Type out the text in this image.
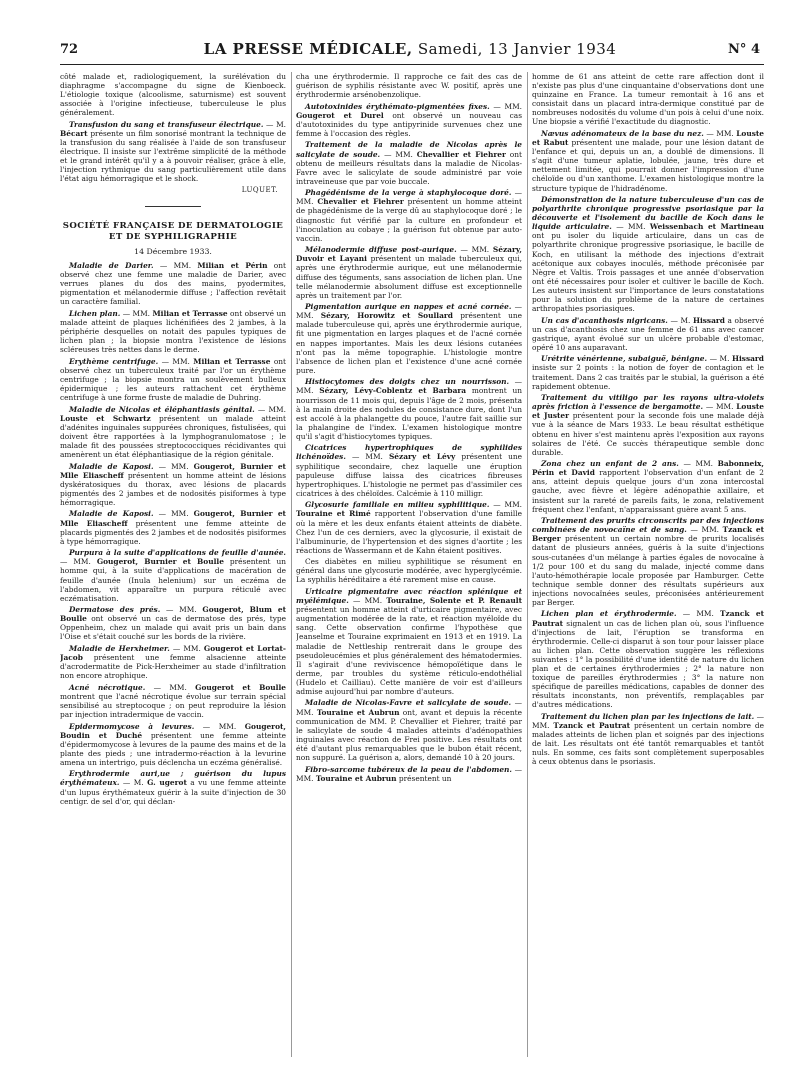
72	LA PRESSE MÉDICALE, Samedi, 13 Janvier 1934	N° 4

côté malade et, radiologiquement, la surélévation du diaphragme s'accompagne du signe de Kienboeck. L'étiologie toxique (alcoolisme, saturnisme) est souvent associée à l'origine infectieuse, tuberculeuse le plus généralement.

Transfusion du sang et transfuseur électrique. — M. Bécart présente un film sonorisé montrant la technique de la transfusion du sang réalisée à l'aide de son transfuseur électrique. Il insiste sur l'extrême simplicité de la méthode et le grand intérêt qu'il y a à pouvoir réaliser, grâce à elle, l'injection rythmique du sang particulièrement utile dans l'état aigu hémorragique et le shock.

LUQUET.

SOCIÉTÉ FRANÇAISE DE DERMATOLOGIE
ET DE SYPHILIGRAPHIE
14 Décembre 1933.

Maladie de Darier. — MM. Milian et Périn ont observé chez une femme une maladie de Darier, avec verrues planes du dos des mains, pyodermites, pigmentation et mélanodermie diffuse ; l'affection revêtait un caractère familial.

Lichen plan. — MM. Milian et Terrasse ont observé un malade atteint de plaques lichénifiées des 2 jambes, à la périphérie desquelles on notait des papules typiques de lichen plan ; la biopsie montra l'existence de lésions scléreuses très nettes dans le derme.

Erythème centrifuge. — MM. Milian et Terrasse ont observé chez un tuberculeux traité par l'or un érythème centrifuge ; la biopsie montra un soulèvement bulleux épidermique ; les auteurs rattachent cet érythème centrifuge à une forme fruste de maladie de Duhring.

Maladie de Nicolas et éléphantiasis génital. — MM. Louste et Schwartz présentent un malade atteint d'adénites inguinales suppurées chroniques, fistulisées, qui doivent être rapportées à la lymphogranulomatose ; le malade fit des poussées streptococciques récidivantes qui amenèrent un état éléphantiasique de la région génitale.

Maladie de Kaposi. — MM. Gougerot, Burnier et Mlle Eliascheff présentent un homme atteint de lésions dyskératosiques du thorax, avec lésions de placards pigmentés des 2 jambes et de nodosités pisiformes à type hémorragique.

Maladie de Kaposi. — MM. Gougerot, Burnier et Mlle Eliascheff présentent une femme atteinte de placards pigmentés des 2 jambes et de nodosités pisiformes à type hémorragique.

Purpura à la suite d'applications de feuille d'aunée. — MM. Gougerot, Burnier et Boulle présentent un homme qui, à la suite d'applications de macération de feuille d'aunée (Inula helenium) sur un eczéma de l'abdomen, vit apparaître un purpura réticulé avec eczématisation.

Dermatose des prés. — MM. Gougerot, Blum et Boulle ont observé un cas de dermatose des prés, type Oppenheim, chez un malade qui avait pris un bain dans l'Oise et s'était couché sur les bords de la rivière.

Maladie de Herxheimer. — MM. Gougerot et Lortat-Jacob présentent une femme alsacienne atteinte d'acrodermatite de Pick-Herxheimer au stade d'infiltration non encore atrophique.

Acné nécrotique. — MM. Gougerot et Boulle montrent que l'acné nécrotique évolue sur terrain spécial sensibilisé au streptocoque ; on peut reproduire la lésion par injection intradermique de vaccin.

Epidermomycose à levures. — MM. Gougerot, Boudin et Duché présentent une femme atteinte d'épidermomycose à levures de la paume des mains et de la plante des pieds ; une intradermo-réaction à la levurine amena un intertrigo, puis déclencha un eczéma généralisé.

Erythrodermie auri,ue ; guérison du lupus érythémateux. — M. G. ugerot a vu une femme atteinte d'un lupus érythémateux guérir à la suite d'injection de 30 centigr. de sel d'or, qui déclan-

cha une érythrodermie. Il rapproche ce fait des cas de guérison de syphilis résistante avec W. positif, après une érythrodermie arsénobenzolique.

Autotoxinides érythémato-pigmentées fixes. — MM. Gougerot et Durel ont observé un nouveau cas d'autotoxinides du type antipyrinide survenues chez une femme à l'occasion des règles.

Traitement de la maladie de Nicolas après le salicylate de soude. — MM. Chevallier et Fiehrer ont obtenu de meilleurs résultats dans la maladie de Nicolas-Favre avec le salicylate de soude administré par voie intraveineuse que par voie buccale.

Phagédénisme de la verge à staphylocoque doré. — MM. Chevalier et Fiehrer présentent un homme atteint de phagédénisme de la verge dû au staphylocoque doré ; le diagnostic fut vérifié par la culture en profondeur et l'inoculation au cobaye ; la guérison fut obtenue par auto-vaccin.

Mélanodermie diffuse post-aurique. — MM. Sézary, Duvoir et Layani présentent un malade tuberculeux qui, après une érythrodermie aurique, eut une mélanodermie diffuse des téguments, sans association de lichen plan. Une telle mélanodermie absolument diffuse est exceptionnelle après un traitement par l'or.

Pigmentation aurique en nappes et acné cornée. — MM. Sézary, Horowitz et Soullard présentent une malade tuberculeuse qui, après une érythrodermie aurique, fit une pigmentation en larges plaques et de l'acné cornée en nappes importantes. Mais les deux lésions cutanées n'ont pas la même topographie. L'histologie montre l'absence de lichen plan et l'existence d'une acné cornée pure.

Histiocytomes des doigts chez un nourrisson. — MM. Sézary, Lévy-Coblentz et Barbara montrent un nourrisson de 11 mois qui, depuis l'âge de 2 mois, présenta à la main droite des nodules de consistance dure, dont l'un est accolé à la phalangette du pouce, l'autre fait saillie sur la phalangine de l'index. L'examen histologique montre qu'il s'agit d'histiocytomes typiques.

Cicatrices hypertrophiques de syphilides lichénoïdes. — MM. Sézary et Lévy présentent une syphilitique secondaire, chez laquelle une éruption papuleuse diffuse laissa des cicatrices fibreuses hypertrophiques. L'histologie ne permet pas d'assimiler ces cicatrices à des chéloïdes. Calcémie à 110 milligr.

Glycosurie familiale en milieu syphilitique. — MM. Touraine et Rimé rapportent l'observation d'une famille où la mère et les deux enfants étaient atteints de diabète. Chez l'un de ces derniers, avec la glycosurie, il existait de l'albuminurie, de l'hypertension et des signes d'aortite ; les réactions de Wassermann et de Kahn étaient positives.

Ces diabètes en milieu syphilitique se résument en général dans une glycosurie modérée, avec hyperglycémie. La syphilis héréditaire a été rarement mise en cause.

Urticaire pigmentaire avec réaction splénique et myélémique. — MM. Touraine, Solente et P. Renault présentent un homme atteint d'urticaire pigmentaire, avec augmentation modérée de la rate, et réaction myéloïde du sang. Cette observation confirme l'hypothèse que Jeanselme et Touraine exprimaient en 1913 et en 1919. La maladie de Nettleship rentrerait dans le groupe des pseudoleucémies et plus généralement des hématodermies. Il s'agirait d'une reviviscence hémopoïétique dans le derme, par troubles du système réticulo-endothélial (Hudelo et Cailliau). Cette manière de voir est d'ailleurs admise aujourd'hui par nombre d'auteurs.

Maladie de Nicolas-Favre et salicylate de soude. — MM. Touraine et Aubrun ont, avant et depuis la récente communication de MM. P. Chevallier et Fiehrer, traité par le salicylate de soude 4 malades atteints d'adénopathies inguinales avec réaction de Frei positive. Les résultats ont été d'autant plus remarquables que le bubon était récent, non suppuré. La guérison a, alors, demandé 10 à 20 jours.

Fibro-sarcome tubéreux de la peau de l'abdomen. — MM. Touraine et Aubrun présentent un

homme de 61 ans atteint de cette rare affection dont il n'existe pas plus d'une cinquantaine d'observations dont une quinzaine en France. La tumeur remontait à 16 ans et consistait dans un placard intra-dermique constitué par de nombreuses nodosités du volume d'un pois à celui d'une noix. Une biopsie a vérifié l'exactitude du diagnostic.

Nævus adénomateux de la base du nez. — MM. Louste et Rabut présentent une malade, pour une lésion datant de l'enfance et qui, depuis un an, a doublé de dimensions. Il s'agit d'une tumeur aplatie, lobulée, jaune, très dure et nettement limitée, qui pourrait donner l'impression d'une chéloïde ou d'un xanthome. L'examen histologique montre la structure typique de l'hidradénome.

Démonstration de la nature tuberculeuse d'un cas de polyarthrite chronique progressive psoriasique par la découverte et l'isolement du bacille de Koch dans le liquide articulaire. — MM. Weissenbach et Martineau ont pu isoler du liquide articulaire, dans un cas de polyarthrite chronique progressive psoriasique, le bacille de Koch, en utilisant la méthode des injections d'extrait acétonique aux cobayes inoculés, méthode préconisée par Nègre et Valtis. Trois passages et une année d'observation ont été nécessaires pour isoler et cultiver le bacille de Koch. Les auteurs insistent sur l'importance de leurs constatations pour la solution du problème de la nature de certaines arthropathies psoriasiques.

Un cas d'acanthosis nigricans. — M. Hissard a observé un cas d'acanthosis chez une femme de 61 ans avec cancer gastrique, ayant évolué sur un ulcère probable d'estomac, opéré 10 ans auparavant.

Urétrite vénérienne, subaiguë, bénigne. — M. Hissard insiste sur 2 points : la notion de foyer de contagion et le traitement. Dans 2 cas traités par le stubial, la guérison a été rapidement obtenue.

Traitement du vitiligo par les rayons ultra-violets après friction à l'essence de bergamotte. — MM. Louste et Juster présentent pour la seconde fois une malade déjà vue à la séance de Mars 1933. Le beau résultat esthétique obtenu en hiver s'est maintenu après l'exposition aux rayons solaires de l'été. Ce succès thérapeutique semble donc durable.

Zona chez un enfant de 2 ans. — MM. Babonneix, Périn et David rapportent l'observation d'un enfant de 2 ans, atteint depuis quelque jours d'un zona intercostal gauche, avec fièvre et légère adénopathie axillaire, et insistent sur la rareté de pareils faits, le zona, relativement fréquent chez l'enfant, n'apparaissant guère avant 5 ans.

Traitement des prurits circonscrits par des injections combinées de novocaïne et de sang. — MM. Tzanck et Berger présentent un certain nombre de prurits localisés datant de plusieurs années, guéris à la suite d'injections sous-cutanées d'un mélange à parties égales de novocaïne à 1/2 pour 100 et du sang du malade, injecté comme dans l'auto-hémothérapie locale proposée par Hamburger. Cette technique semble donner des résultats supérieurs aux injections novocaïnées seules, préconisées antérieurement par Berger.

Lichen plan et érythrodermie. — MM. Tzanck et Pautrat signalent un cas de lichen plan où, sous l'influence d'injections de lait, l'éruption se transforma en érythrodermie. Celle-ci disparut à son tour pour laisser place au lichen plan. Cette observation suggère les réflexions suivantes : 1° la possibilité d'une identité de nature du lichen plan et de certaines érythrodermies ; 2° la nature non toxique de pareilles érythrodermies ; 3° la nature non spécifique de pareilles médications, capables de donner des résultats inconstants, non préventifs, remplaçables par d'autres médications.

Traitement du lichen plan par les injections de lait. — MM. Tzanck et Pautrat présentent un certain nombre de malades atteints de lichen plan et soignés par des injections de lait. Les résultats ont été tantôt remarquables et tantôt nuls. En somme, ces faits sont complètement superposables à ceux obtenus dans le psoriasis.
